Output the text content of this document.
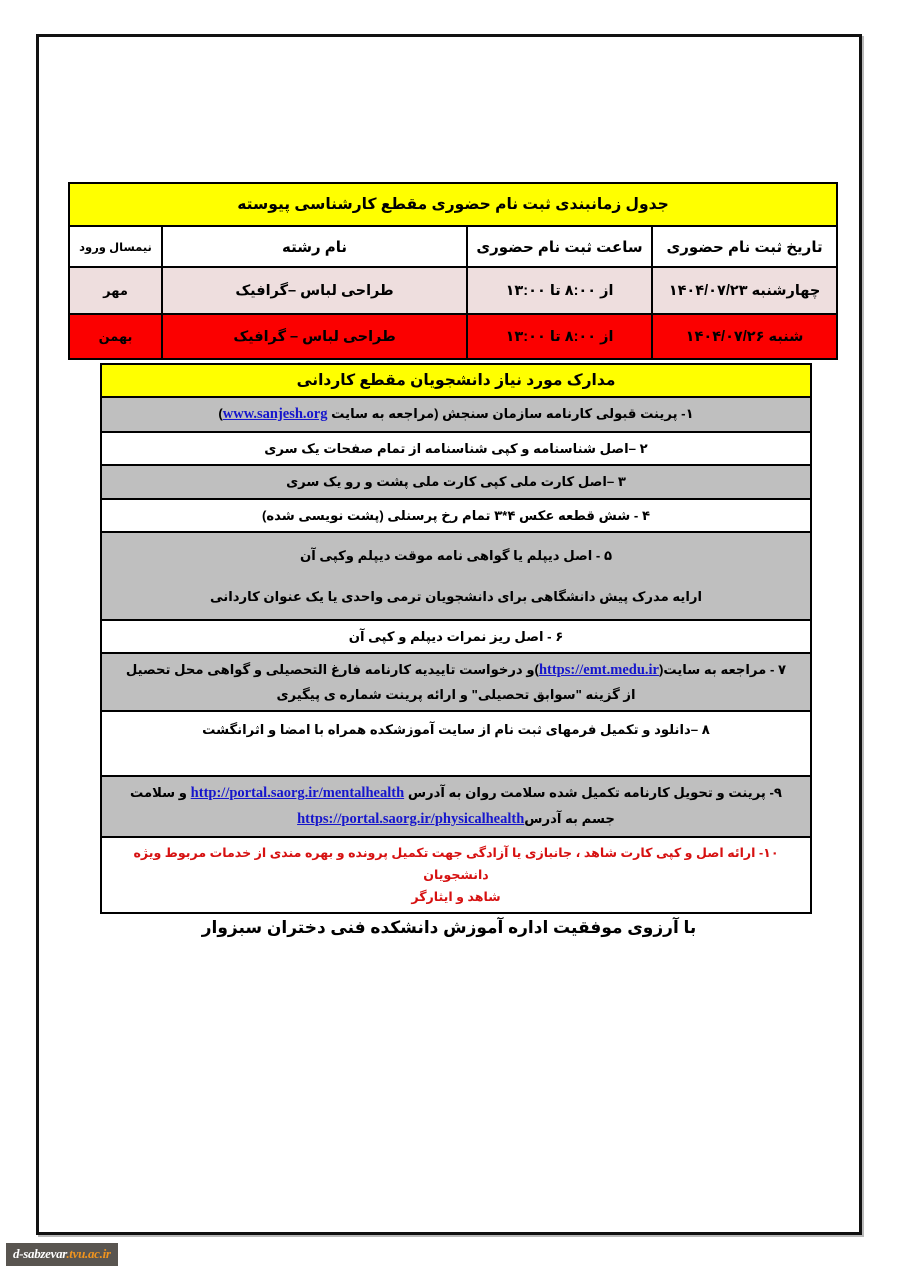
جدول زمانبندی ثبت نام حضوری مقطع کارشناسی پیوسته			
تاریخ ثبت نام حضوری	ساعت ثبت نام حضوری	نام رشته	نیمسال ورود
چهارشنبه ۱۴۰۴/۰۷/۲۳	از ۸:۰۰ تا ۱۳:۰۰	طراحی لباس –گرافیک	مهر
شنبه ۱۴۰۴/۰۷/۲۶	از ۸:۰۰ تا ۱۳:۰۰	طراحی لباس – گرافیک	بهمن
مدارک مورد نیاز دانشجویان مقطع کاردانی
۱- پرینت قبولی کارنامه سازمان سنجش (مراجعه به سایت www.sanjesh.org)
۲ –اصل شناسنامه و کپی شناسنامه از تمام صفحات یک سری
۳ –اصل کارت ملی کپی کارت ملی پشت و رو یک سری
۴ - شش قطعه عکس ۴*۳ تمام رخ پرسنلی (پشت نویسی شده)

۵ - اصل دیپلم یا گواهی نامه موقت دیپلم وکپی آن
ارایه مدرک پیش دانشگاهی برای دانشجویان ترمی واحدی یا یک عنوان کاردانی

۶ - اصل ریز نمرات دیپلم و کپی آن

۷ - مراجعه به سایت(https://emt.medu.ir)و درخواست تاییدیه کارنامه فارغ التحصیلی و گواهی محل تحصیل
از گزینه "سوابق تحصیلی" و ارائه پرینت شماره ی پیگیری

۸ –دانلود و تکمیل فرمهای ثبت نام از سایت آموزشکده همراه با امضا و اثرانگشت

۹- پرینت و تحویل کارنامه تکمیل شده سلامت روان به آدرس http://portal.saorg.ir/mentalhealth و سلامت
جسم به آدرسhttps://portal.saorg.ir/physicalhealth

۱۰- ارائه اصل و کپی کارت شاهد ، جانبازی یا آزادگی جهت تکمیل پرونده و بهره مندی از خدمات مربوط ویژه دانشجویان
شاهد و ایثارگر
با آرزوی موفقیت اداره آموزش دانشکده فنی دختران سبزوار
d-sabzevar.tvu.ac.ir
